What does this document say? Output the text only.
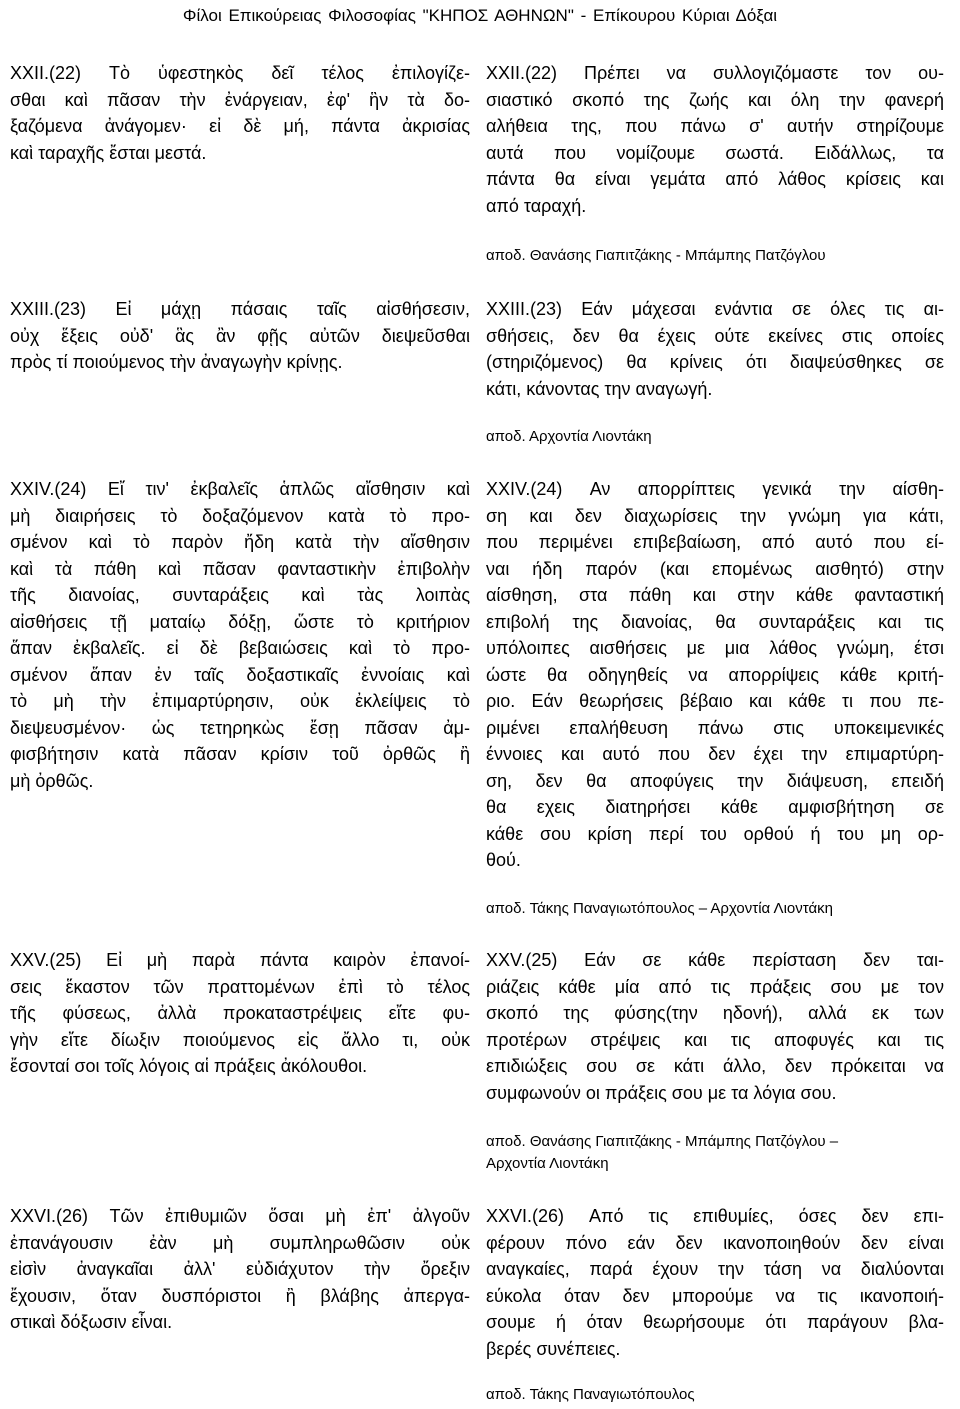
Φίλοι Επικούρειας Φιλοσοφίας "ΚΗΠΟΣ ΑΘΗΝΩΝ" - Επίκουρου Κύριαι Δόξαι
XXII.(22) Τὸ ὑφεστηκὸς δεῖ τέλος ἐπιλογίζε-
σθαι καὶ πᾶσαν τὴν ἐνάργειαν, ἐφ' ἣν τὰ δο-
ξαζόμενα ἀνάγομεν· εἰ δὲ μή, πάντα ἀκρισίας
καὶ ταραχῆς ἔσται μεστά.
XXII.(22) Πρέπει να συλλογιζόμαστε τον ου-
σιαστικό σκοπό της ζωής και όλη την φανερή
αλήθεια της, που πάνω σ' αυτήν στηρίζουμε
αυτά που νομίζουμε σωστά. Ειδάλλως, τα
πάντα θα είναι γεμάτα από λάθος κρίσεις και
από ταραχή.
αποδ. Θανάσης Γιαπιτζάκης - Μπάμπης Πατζόγλου
XXIII.(23) Εἰ μάχῃ πάσαις ταῖς αἰσθήσεσιν,
οὐχ ἕξεις οὐδ' ἃς ἂν φῇς αὐτῶν διεψεῦσθαι
πρὸς τί ποιούμενος τὴν ἀναγωγὴν κρίνῃς.
XXIII.(23) Εάν μάχεσαι ενάντια σε όλες τις αι-
σθήσεις, δεν θα έχεις ούτε εκείνες στις οποίες
(στηριζόμενος) θα κρίνεις ότι διαψεύσθηκες σε
κάτι, κάνοντας την αναγωγή.
αποδ. Αρχοντία Λιοντάκη
XXIV.(24) Εἴ τιν' ἐκβαλεῖς ἁπλῶς αἴσθησιν καὶ
μὴ διαιρήσεις τὸ δοξαζόμενον κατὰ τὸ προ-
σμένον καὶ τὸ παρὸν ἤδη κατὰ τὴν αἴσθησιν
καὶ τὰ πάθη καὶ πᾶσαν φανταστικὴν ἐπιβολὴν
τῆς διανοίας, συνταράξεις καὶ τὰς λοιπὰς
αἰσθήσεις τῇ ματαίῳ δόξῃ, ὥστε τὸ κριτήριον
ἅπαν ἐκβαλεῖς. εἰ δὲ βεβαιώσεις καὶ τὸ προ-
σμένον ἅπαν ἐν ταῖς δοξαστικαῖς ἐννοίαις καὶ
τὸ μὴ τὴν ἐπιμαρτύρησιν, οὐκ ἐκλείψεις τὸ
διεψευσμένον· ὡς τετηρηκὼς ἔσῃ πᾶσαν ἀμ-
φισβήτησιν κατὰ πᾶσαν κρίσιν τοῦ ὀρθῶς ἢ
μὴ ὀρθῶς.
XXIV.(24) Αν απορρίπτεις γενικά την αίσθη-
ση και δεν διαχωρίσεις την γνώμη για κάτι,
που περιμένει επιβεβαίωση, από αυτό που εί-
ναι ήδη παρόν (και επομένως αισθητό) στην
αίσθηση, στα πάθη και στην κάθε φανταστική
επιβολή της διανοίας, θα συνταράξεις και τις
υπόλοιπες αισθήσεις με μια λάθος γνώμη, έτσι
ώστε θα οδηγηθείς να απορρίψεις κάθε κριτή-
ριο. Εάν θεωρήσεις βέβαιο και κάθε τι που πε-
ριμένει επαλήθευση πάνω στις υποκειμενικές
έννοιες και αυτό που δεν έχει την επιμαρτύρη-
ση, δεν θα αποφύγεις την διάψευση, επειδή
θα εχεις διατηρήσει κάθε αμφισβήτηση σε
κάθε σου κρίση περί του ορθού ή του μη ορ-
θού.
αποδ. Τάκης Παναγιωτόπουλος – Αρχοντία Λιοντάκη
XXV.(25) Εἰ μὴ παρὰ πάντα καιρὸν ἐπανοί-
σεις ἕκαστον τῶν πραττομένων ἐπὶ τὸ τέλος
τῆς φύσεως, ἀλλὰ προκαταστρέψεις εἴτε φυ-
γὴν εἴτε δίωξιν ποιούμενος εἰς ἄλλο τι, οὐκ
ἔσονταί σοι τοῖς λόγοις αἱ πράξεις ἀκόλουθοι.
XXV.(25) Εάν σε κάθε περίσταση δεν ται-
ριάζεις κάθε μία από τις πράξεις σου με τον
σκοπό της φύσης(την ηδονή), αλλά εκ των
προτέρων στρέψεις και τις αποφυγές και τις
επιδιώξεις σου σε κάτι άλλο, δεν πρόκειται να
συμφωνούν οι πράξεις σου με τα λόγια σου.
αποδ. Θανάσης Γιαπιτζάκης - Μπάμπης Πατζόγλου –
Αρχοντία Λιοντάκη
XXVI.(26) Τῶν ἐπιθυμιῶν ὅσαι μὴ ἐπ' ἀλγοῦν
ἐπανάγουσιν ἐὰν μὴ συμπληρωθῶσιν οὐκ
εἰσὶν ἀναγκαῖαι ἀλλ' εὐδιάχυτον τὴν ὄρεξιν
ἔχουσιν, ὅταν δυσπόριστοι ἢ βλάβης ἀπεργα-
στικαὶ δόξωσιν εἶναι.
XXVI.(26) Από τις επιθυμίες, όσες δεν επι-
φέρουν πόνο εάν δεν ικανοποιηθούν δεν είναι
αναγκαίες, παρά έχουν την τάση να διαλύονται
εύκολα όταν δεν μπορούμε να τις ικανοποιή-
σουμε ή όταν θεωρήσουμε ότι παράγουν βλα-
βερές συνέπειες.
αποδ. Τάκης Παναγιωτόπουλος
